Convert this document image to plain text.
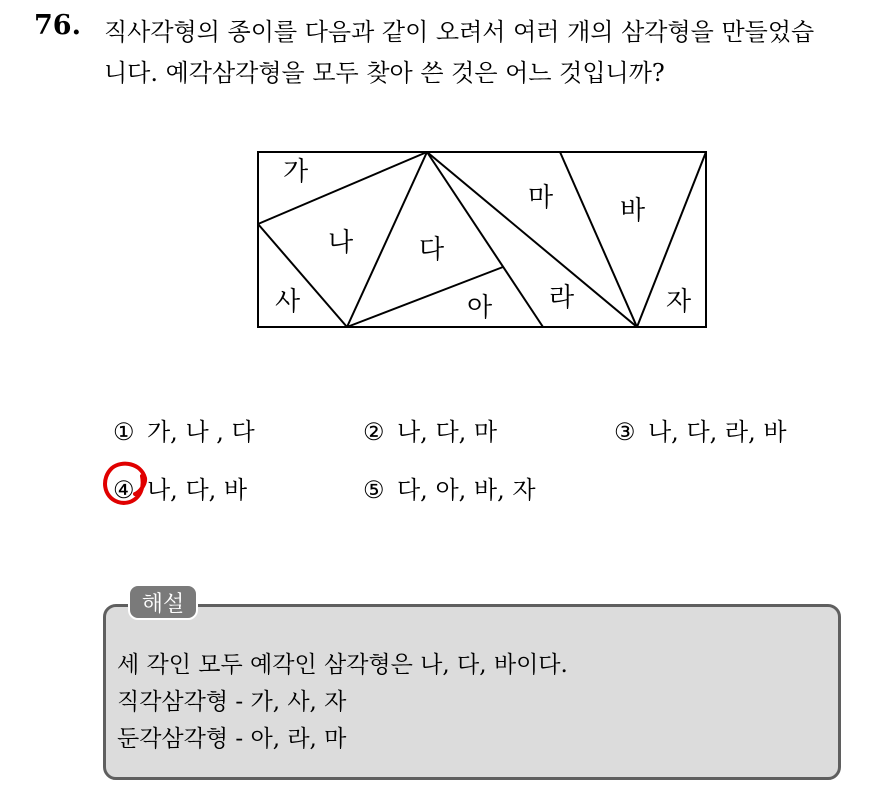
76. 직사각형의 종이를 다음과 같이 오려서 여러 개의 삼각형을 만들었습
니다. 예각삼각형을 모두 찾아 쓴 것은 어느 것입니까?
가
나	다
마	바
사	아 라	자
① 가, 나 , 다	② 나, 다, 마	③ 나, 다, 라, 바
④ 나, 다, 바	⑤ 다, 아, 바, 자
해설
세 각인 모두 예각인 삼각형은 나, 다, 바이다.
직각삼각형 - 가, 사, 자
둔각삼각형 - 아, 라, 마
